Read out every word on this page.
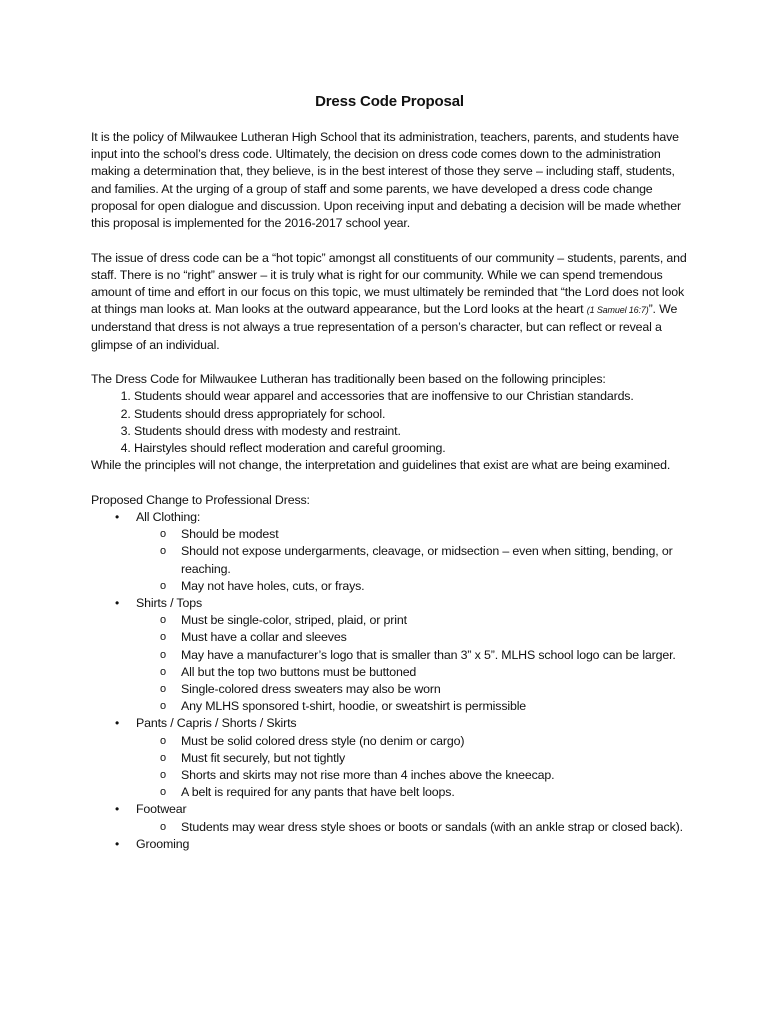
Dress Code Proposal

It is the policy of Milwaukee Lutheran High School that its administration, teachers, parents, and students have input into the school’s dress code. Ultimately, the decision on dress code comes down to the administration making a determination that, they believe, is in the best interest of those they serve – including staff, students, and families. At the urging of a group of staff and some parents, we have developed a dress code change proposal for open dialogue and discussion. Upon receiving input and debating a decision will be made whether this proposal is implemented for the 2016-2017 school year.

The issue of dress code can be a “hot topic” amongst all constituents of our community – students, parents, and staff. There is no “right” answer – it is truly what is right for our community. While we can spend tremendous amount of time and effort in our focus on this topic, we must ultimately be reminded that “the Lord does not look at things man looks at. Man looks at the outward appearance, but the Lord looks at the heart (1 Samuel 16:7)”. We understand that dress is not always a true representation of a person’s character, but can reflect or reveal a glimpse of an individual.

The Dress Code for Milwaukee Lutheran has traditionally been based on the following principles:

1. Students should wear apparel and accessories that are inoffensive to our Christian standards.
2. Students should dress appropriately for school.
3. Students should dress with modesty and restraint.
4. Hairstyles should reflect moderation and careful grooming.

While the principles will not change, the interpretation and guidelines that exist are what are being examined.

Proposed Change to Professional Dress:

• All Clothing:
o Should be modest
o Should not expose undergarments, cleavage, or midsection – even when sitting, bending, or reaching.
o May not have holes, cuts, or frays.
• Shirts / Tops
o Must be single-color, striped, plaid, or print
o Must have a collar and sleeves
o May have a manufacturer’s logo that is smaller than 3” x 5”. MLHS school logo can be larger.
o All but the top two buttons must be buttoned
o Single-colored dress sweaters may also be worn
o Any MLHS sponsored t-shirt, hoodie, or sweatshirt is permissible
• Pants / Capris / Shorts / Skirts
o Must be solid colored dress style (no denim or cargo)
o Must fit securely, but not tightly
o Shorts and skirts may not rise more than 4 inches above the kneecap.
o A belt is required for any pants that have belt loops.
• Footwear
o Students may wear dress style shoes or boots or sandals (with an ankle strap or closed back).
• Grooming
